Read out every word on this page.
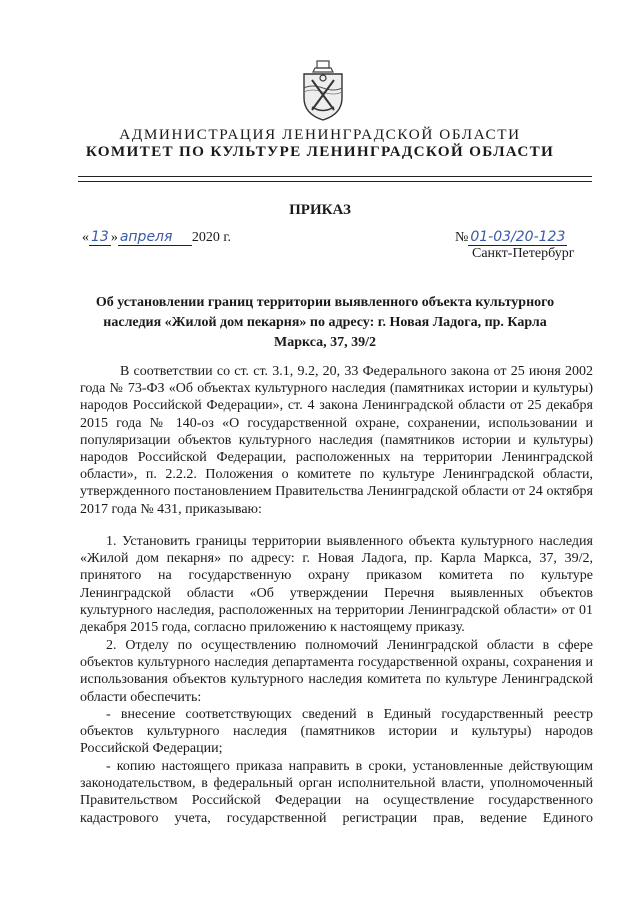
АДМИНИСТРАЦИЯ ЛЕНИНГРАДСКОЙ ОБЛАСТИ
КОМИТЕТ ПО КУЛЬТУРЕ ЛЕНИНГРАДСКОЙ ОБЛАСТИ
ПРИКАЗ
« 13 » апреля 2020 г.	№ 01-03/20-123
Санкт-Петербург
Об установлении границ территории выявленного объекта культурного наследия «Жилой дом пекарня» по адресу: г. Новая Ладога, пр. Карла Маркса, 37, 39/2
В соответствии со ст. ст. 3.1, 9.2, 20, 33 Федерального закона от 25 июня 2002 года № 73-ФЗ «Об объектах культурного наследия (памятниках истории и культуры) народов Российской Федерации», ст. 4 закона Ленинградской области от 25 декабря 2015 года № 140-оз «О государственной охране, сохранении, использовании и популяризации объектов культурного наследия (памятников истории и культуры) народов Российской Федерации, расположенных на территории Ленинградской области», п. 2.2.2. Положения о комитете по культуре Ленинградской области, утвержденного постановлением Правительства Ленинградской области от 24 октября 2017 года № 431, приказываю:
1. Установить границы территории выявленного объекта культурного наследия «Жилой дом пекарня» по адресу: г. Новая Ладога, пр. Карла Маркса, 37, 39/2, принятого на государственную охрану приказом комитета по культуре Ленинградской области «Об утверждении Перечня выявленных объектов культурного наследия, расположенных на территории Ленинградской области» от 01 декабря 2015 года, согласно приложению к настоящему приказу.
2. Отделу по осуществлению полномочий Ленинградской области в сфере объектов культурного наследия департамента государственной охраны, сохранения и использования объектов культурного наследия комитета по культуре Ленинградской области обеспечить:
- внесение соответствующих сведений в Единый государственный реестр объектов культурного наследия (памятников истории и культуры) народов Российской Федерации;
- копию настоящего приказа направить в сроки, установленные действующим законодательством, в федеральный орган исполнительной власти, уполномоченный Правительством Российской Федерации на осуществление государственного кадастрового учета, государственной регистрации прав, ведение Единого
